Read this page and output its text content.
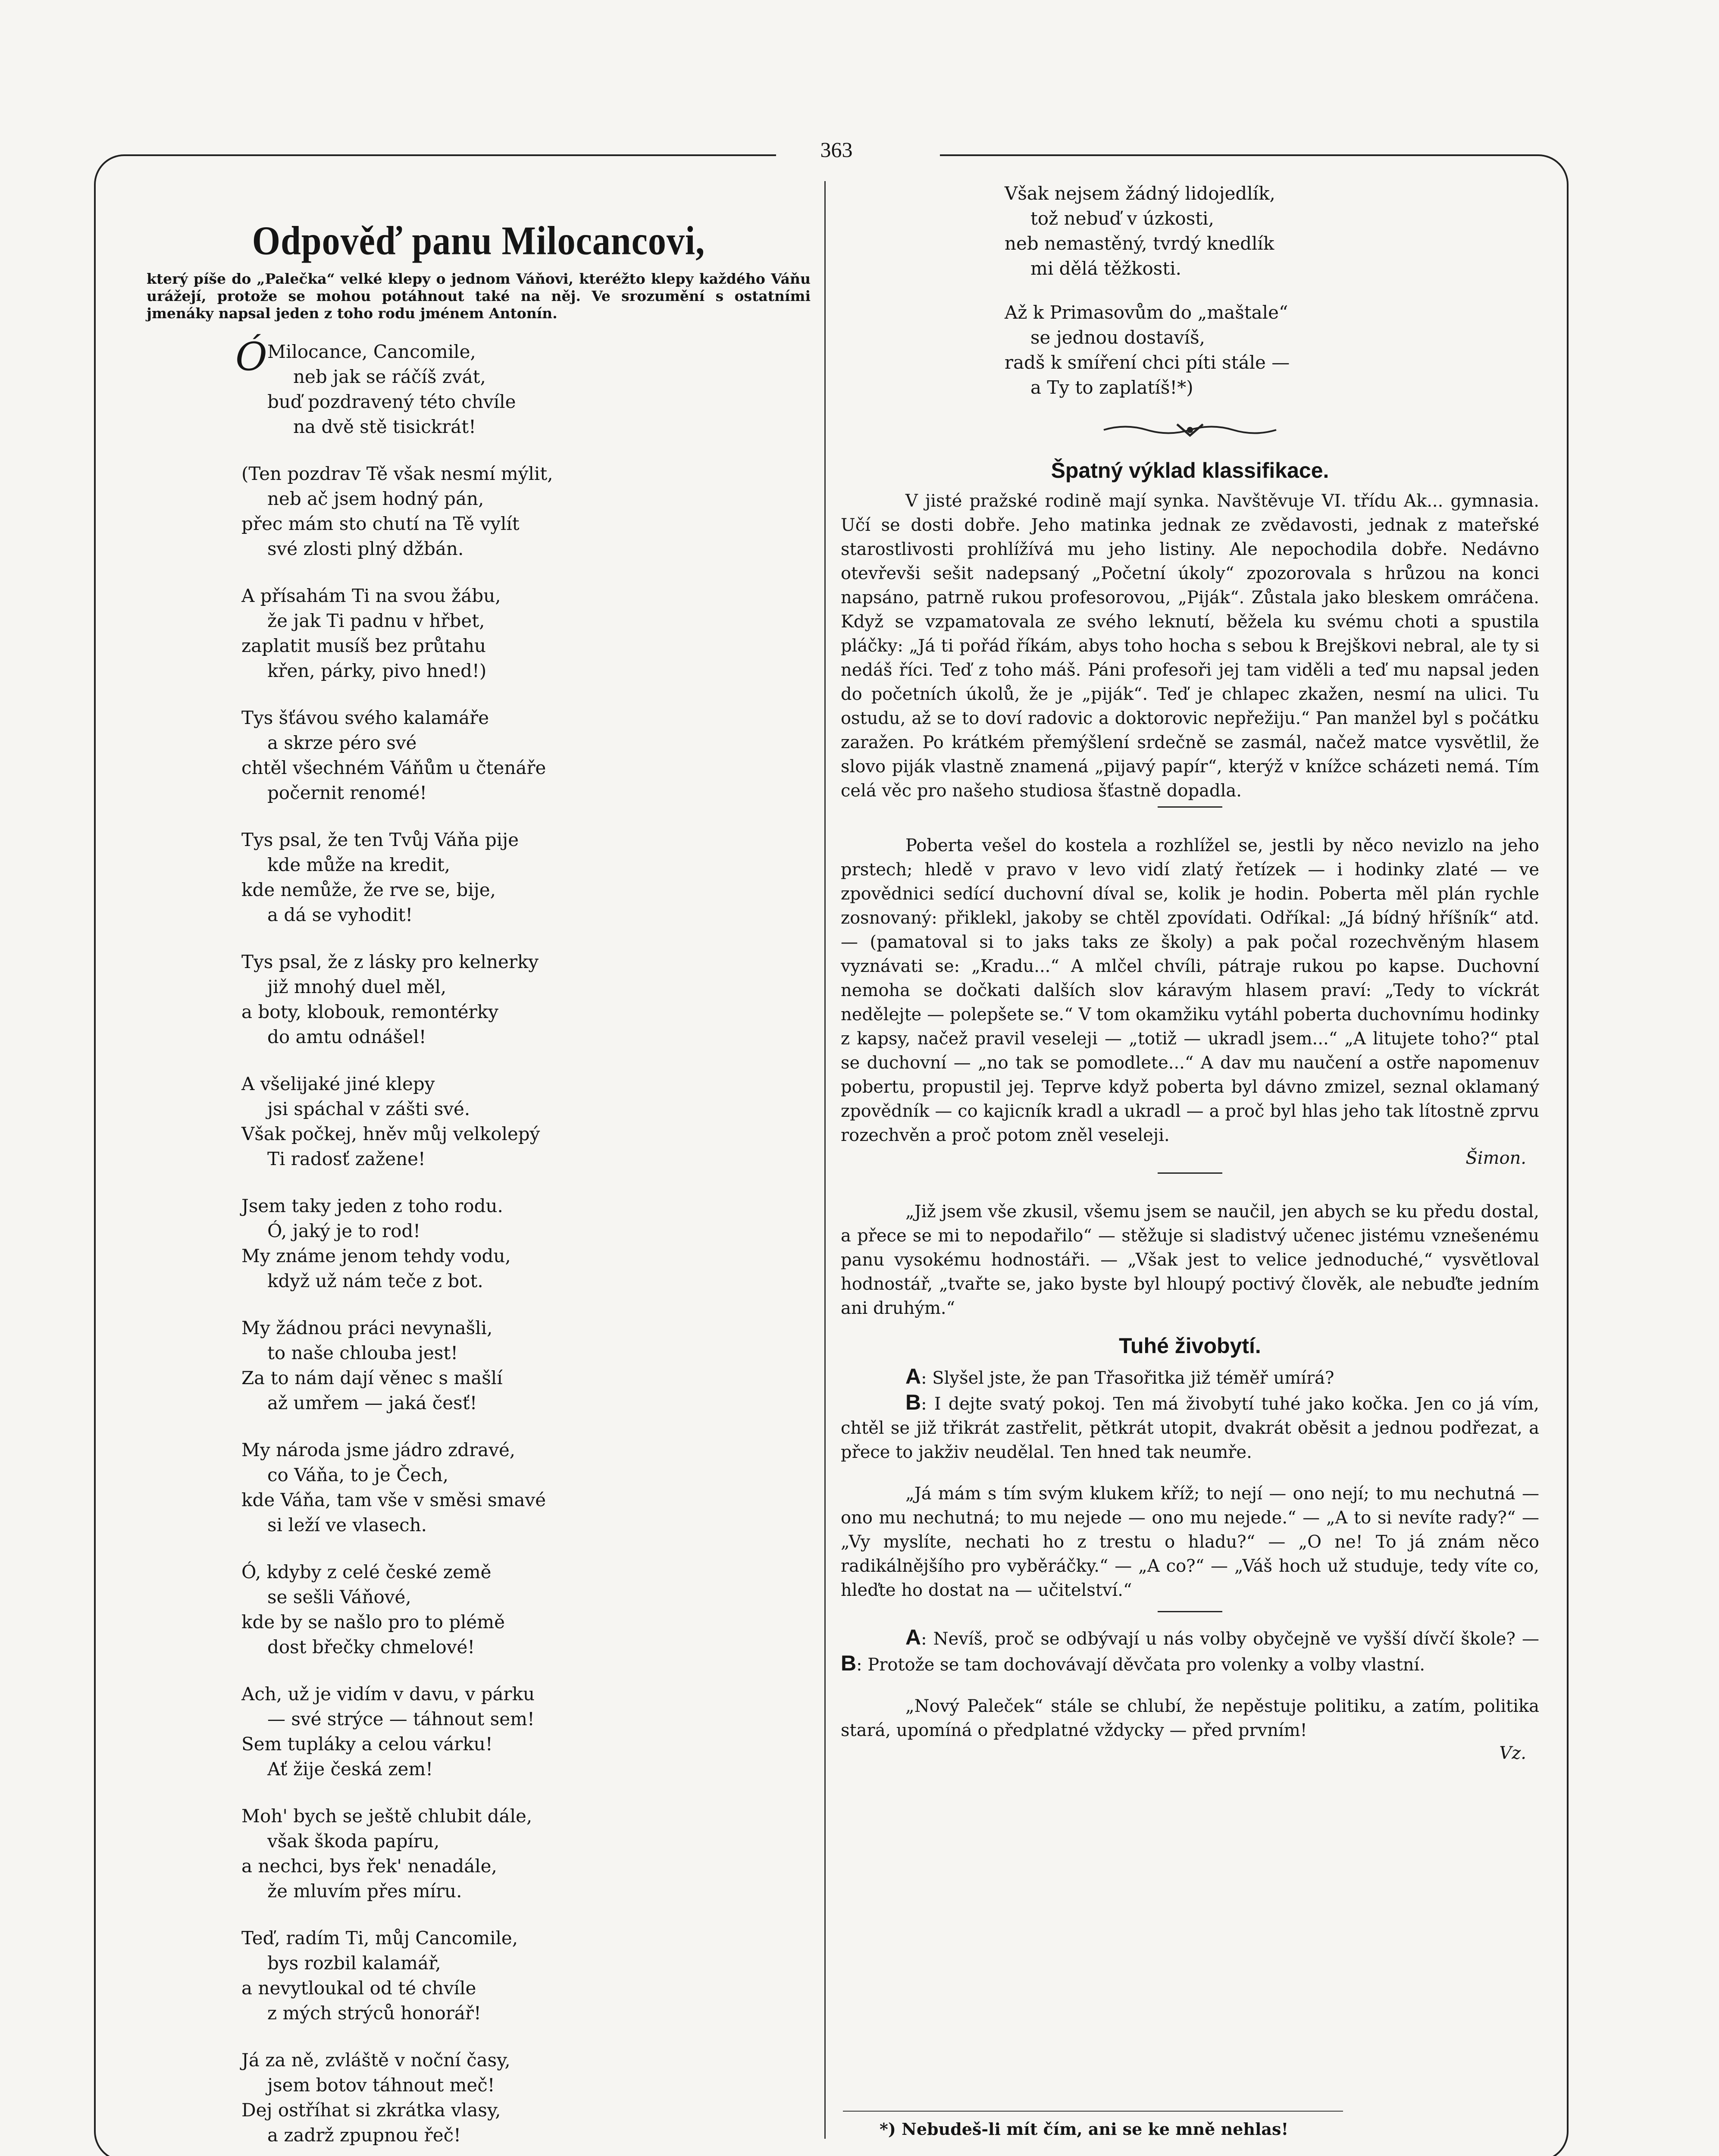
363
Odpověď panu Milocancovi,

který píše do „Palečka“ velké klepy o jednom Váňovi, kteréžto klepy každého Váňu urážejí, protože se mohou potáhnout také na něj. Ve srozumění s ostatními jmenáky napsal jeden z toho rodu jménem Antonín.

Ó Milocance, Cancomile,
neb jak se ráčíš zvát,
buď pozdravený této chvíle
na dvě stě tisickrát!
(Ten pozdrav Tě však nesmí mýlit,
neb ač jsem hodný pán,
přec mám sto chutí na Tě vylít
své zlosti plný džbán.
A přísahám Ti na svou žábu,
že jak Ti padnu v hřbet,
zaplatit musíš bez průtahu
křen, párky, pivo hned!)
Tys šťávou svého kalamáře
a skrze péro své
chtěl všechném Váňům u čtenáře
počernit renomé!
Tys psal, že ten Tvůj Váňa pije
kde může na kredit,
kde nemůže, že rve se, bije,
a dá se vyhodit!
Tys psal, že z lásky pro kelnerky
již mnohý duel měl,
a boty, klobouk, remontérky
do amtu odnášel!
A všelijaké jiné klepy
jsi spáchal v zášti své.
Však počkej, hněv můj velkolepý
Ti radosť zažene!
Jsem taky jeden z toho rodu.
Ó, jaký je to rod!
My známe jenom tehdy vodu,
když už nám teče z bot.
My žádnou práci nevynašli,
to naše chlouba jest!
Za to nám dají věnec s mašlí
až umřem — jaká česť!
My národa jsme jádro zdravé,
co Váňa, to je Čech,
kde Váňa, tam vše v směsi smavé
si leží ve vlasech.
Ó, kdyby z celé české země
se sešli Váňové,
kde by se našlo pro to plémě
dost břečky chmelové!
Ach, už je vidím v davu, v párku
— své strýce — táhnout sem!
Sem tupláky a celou várku!
Ať žije česká zem!
Moh' bych se ještě chlubit dále,
však škoda papíru,
a nechci, bys řek' nenadále,
že mluvím přes míru.
Teď, radím Ti, můj Cancomile,
bys rozbil kalamář,
a nevytloukal od té chvíle
z mých strýců honorář!
Já za ně, zvláště v noční časy,
jsem botov táhnout meč!
Dej ostříhat si zkrátka vlasy,
a zadrž zpupnou řeč!
Však nejsem žádný lidojedlík,
tož nebuď v úzkosti,
neb nemastěný, tvrdý knedlík
mi dělá těžkosti.
Až k Primasovům do „maštale“
se jednou dostavíš,
radš k smíření chci píti stále —
a Ty to zaplatíš!*)
Špatný výklad klassifikace.

V jisté pražské rodině mají synka. Navštěvuje VI. třídu Ak... gymnasia. Učí se dosti dobře. Jeho matinka jednak ze zvědavosti, jednak z mateřské starostlivosti prohlížívá mu jeho listiny. Ale nepochodila dobře. Nedávno otevřevši sešit nadepsaný „Početní úkoly“ zpozorovala s hrůzou na konci napsáno, patrně rukou profesorovou, „Piják“. Zůstala jako bleskem omráčena. Když se vzpamatovala ze svého leknutí, běžela ku svému choti a spustila pláčky: „Já ti pořád říkám, abys toho hocha s sebou k Brejškovi nebral, ale ty si nedáš říci. Teď z toho máš. Páni profesoři jej tam viděli a teď mu napsal jeden do početních úkolů, že je „piják“. Teď je chlapec zkažen, nesmí na ulici. Tu ostudu, až se to doví radovic a doktorovic nepřežiju.“ Pan manžel byl s počátku zaražen. Po krátkém přemýšlení srdečně se zasmál, načež matce vysvětlil, že slovo piják vlastně znamená „pijavý papír“, kterýž v knížce scházeti nemá. Tím celá věc pro našeho studiosa šťastně dopadla.

Poberta vešel do kostela a rozhlížel se, jestli by něco nevizlo na jeho prstech; hledě v pravo v levo vidí zlatý řetízek — i hodinky zlaté — ve zpovědnici sedící duchovní díval se, kolik je hodin. Poberta měl plán rychle zosnovaný: přiklekl, jakoby se chtěl zpovídati. Odříkal: „Já bídný hříšník“ atd. — (pamatoval si to jaks taks ze školy) a pak počal rozechvěným hlasem vyznávati se: „Kradu...“ A mlčel chvíli, pátraje rukou po kapse. Duchovní nemoha se dočkati dalších slov káravým hlasem praví: „Tedy to víckrát nedělejte — polepšete se.“ V tom okamžiku vytáhl poberta duchovnímu hodinky z kapsy, načež pravil veseleji — „totiž — ukradl jsem...“ „A litujete toho?“ ptal se duchovní — „no tak se pomodlete...“ A dav mu naučení a ostře napomenuv pobertu, propustil jej. Teprve když poberta byl dávno zmizel, seznal oklamaný zpovědník — co kajicník kradl a ukradl — a proč byl hlas jeho tak lítostně zprvu rozechvěn a proč potom zněl veseleji.

Šimon.

„Již jsem vše zkusil, všemu jsem se naučil, jen abych se ku předu dostal, a přece se mi to nepodařilo“ — stěžuje si sladistvý učenec jistému vznešenému panu vysokému hodnostáři. — „Však jest to velice jednoduché,“ vysvětloval hodnostář, „tvařte se, jako byste byl hloupý poctivý člověk, ale nebuďte jedním ani druhým.“

Tuhé živobytí.

A: Slyšel jste, že pan Třasořitka již téměř umírá?

B: I dejte svatý pokoj. Ten má živobytí tuhé jako kočka. Jen co já vím, chtěl se již třikrát zastřelit, pětkrát utopit, dvakrát oběsit a jednou podřezat, a přece to jakživ neudělal. Ten hned tak neumře.

„Já mám s tím svým klukem kříž; to nejí — ono nejí; to mu nechutná — ono mu nechutná; to mu nejede — ono mu nejede.“ — „A to si nevíte rady?“ — „Vy myslíte, nechati ho z trestu o hladu?“ — „O ne! To já znám něco radikálnějšího pro vyběráčky.“ — „A co?“ — „Váš hoch už studuje, tedy víte co, hleďte ho dostat na — učitelství.“

A: Nevíš, proč se odbývají u nás volby obyčejně ve vyšší dívčí škole? — B: Protože se tam dochovávají děvčata pro volenky a volby vlastní.

„Nový Paleček“ stále se chlubí, že nepěstuje politiku, a zatím, politika stará, upomíná o předplatné vždycky — před prvním!

Vz.
*) Nebudeš-li mít čím, ani se ke mně nehlas!
